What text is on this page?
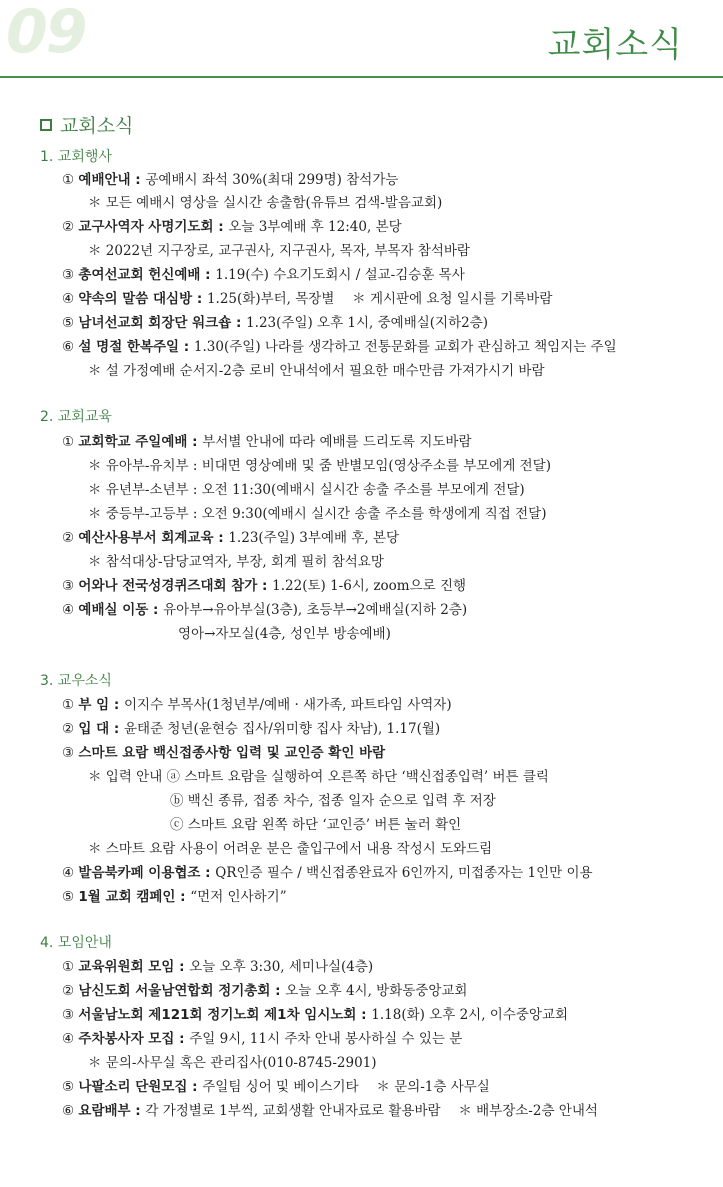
09	교회소식
교회소식
1. 교회행사
① 예배안내 : 공예배시 좌석 30%(최대 299명) 참석가능
＊ 모든 예배시 영상을 실시간 송출함(유튜브 검색-발음교회)
② 교구사역자 사명기도회 : 오늘 3부예배 후 12:40, 본당
＊ 2022년 지구장로, 교구권사, 지구권사, 목자, 부목자 참석바람
③ 총여선교회 헌신예배 : 1.19(수) 수요기도회시 / 설교-김승훈 목사
④ 약속의 말씀 대심방 : 1.25(화)부터, 목장별　 ＊ 게시판에 요청 일시를 기록바람
⑤ 남녀선교회 회장단 워크숍 : 1.23(주일) 오후 1시, 중예배실(지하2층)
⑥ 설 명절 한복주일 : 1.30(주일) 나라를 생각하고 전통문화를 교회가 관심하고 책임지는 주일
＊ 설 가정예배 순서지-2층 로비 안내석에서 필요한 매수만큼 가져가시기 바람
2. 교회교육
① 교회학교 주일예배 : 부서별 안내에 따라 예배를 드리도록 지도바람
＊ 유아부-유치부 : 비대면 영상예배 및 줌 반별모임(영상주소를 부모에게 전달)
＊ 유년부-소년부 : 오전 11:30(예배시 실시간 송출 주소를 부모에게 전달)
＊ 중등부-고등부 : 오전 9:30(예배시 실시간 송출 주소를 학생에게 직접 전달)
② 예산사용부서 회계교육 : 1.23(주일) 3부예배 후, 본당
＊ 참석대상-담당교역자, 부장, 회계 필히 참석요망
③ 어와나 전국성경퀴즈대회 참가 : 1.22(토) 1-6시, zoom으로 진행
④ 예배실 이동 : 유아부→유아부실(3층), 초등부→2예배실(지하 2층)
영아→자모실(4층, 성인부 방송예배)
3. 교우소식
① 부 임 : 이지수 부목사(1청년부/예배 · 새가족, 파트타임 사역자)
② 입 대 : 윤태준 청년(윤현승 집사/위미향 집사 차남), 1.17(월)
③ 스마트 요람 백신접종사항 입력 및 교인증 확인 바람
＊ 입력 안내 ⓐ 스마트 요람을 실행하여 오른쪽 하단 ‘백신접종입력’ 버튼 클릭
ⓑ 백신 종류, 접종 차수, 접종 일자 순으로 입력 후 저장
ⓒ 스마트 요람 왼쪽 하단 ‘교인증’ 버튼 눌러 확인
＊ 스마트 요람 사용이 어려운 분은 출입구에서 내용 작성시 도와드림
④ 발음북카페 이용협조 : QR인증 필수 / 백신접종완료자 6인까지, 미접종자는 1인만 이용
⑤ 1월 교회 캠페인 : “먼저 인사하기”
4. 모임안내
① 교육위원회 모임 : 오늘 오후 3:30, 세미나실(4층)
② 남신도회 서울남연합회 정기총회 : 오늘 오후 4시, 방화동중앙교회
③ 서울남노회 제121회 정기노회 제1차 임시노회 : 1.18(화) 오후 2시, 이수중앙교회
④ 주차봉사자 모집 : 주일 9시, 11시 주차 안내 봉사하실 수 있는 분
＊ 문의-사무실 혹은 관리집사(010-8745-2901)
⑤ 나팔소리 단원모집 : 주일팀 싱어 및 베이스기타　 ＊ 문의-1층 사무실
⑥ 요람배부 : 각 가정별로 1부씩, 교회생활 안내자료로 활용바람　 ＊ 배부장소-2층 안내석
